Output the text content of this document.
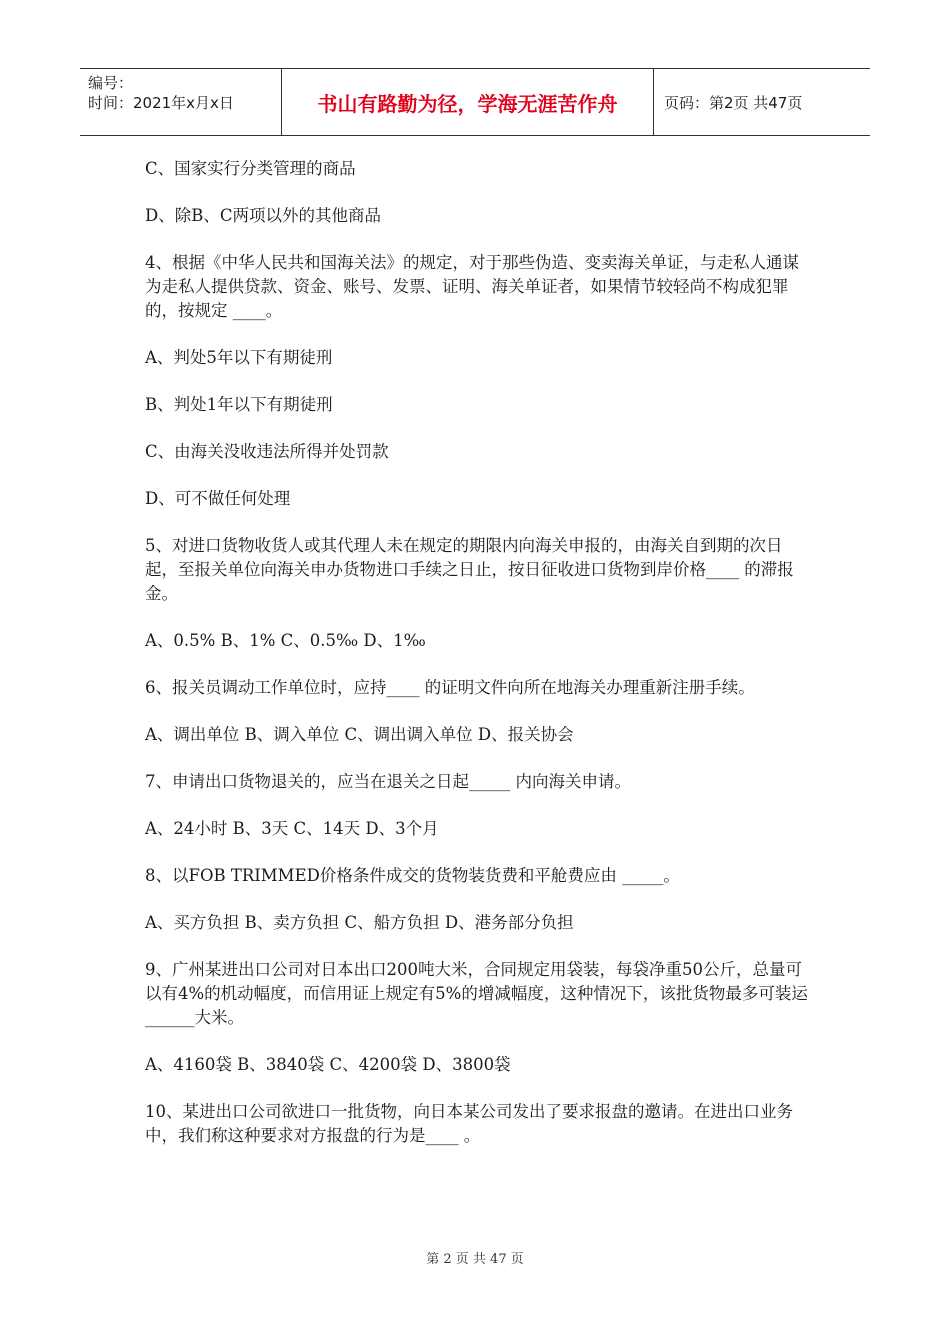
编号：
时间：2021年x月x日	书山有路勤为径，学海无涯苦作舟	页码：第2页 共47页

C、国家实行分类管理的商品

D、除B、C两项以外的其他商品

4、根据《中华人民共和国海关法》的规定，对于那些伪造、变卖海关单证，与走私人通谋为走私人提供贷款、资金、账号、发票、证明、海关单证者，如果情节较轻尚不构成犯罪的，按规定 ____。

A、判处5年以下有期徒刑

B、判处1年以下有期徒刑

C、由海关没收违法所得并处罚款

D、可不做任何处理

5、对进口货物收货人或其代理人未在规定的期限内向海关申报的，由海关自到期的次日起，至报关单位向海关申办货物进口手续之日止，按日征收进口货物到岸价格____ 的滞报金。

A、0.5% B、1% C、0.5‰ D、1‰

6、报关员调动工作单位时，应持____ 的证明文件向所在地海关办理重新注册手续。

A、调出单位 B、调入单位 C、调出调入单位 D、报关协会

7、申请出口货物退关的，应当在退关之日起_____ 内向海关申请。

A、24小时 B、3天 C、14天 D、3个月

8、以FOB TRIMMED价格条件成交的货物装货费和平舱费应由 _____。

A、买方负担 B、卖方负担 C、船方负担 D、港务部分负担

9、广州某进出口公司对日本出口200吨大米，合同规定用袋装，每袋净重50公斤，总量可以有4%的机动幅度，而信用证上规定有5%的增减幅度，这种情况下，该批货物最多可装运______大米。

A、4160袋 B、3840袋 C、4200袋 D、3800袋

10、某进出口公司欲进口一批货物，向日本某公司发出了要求报盘的邀请。在进出口业务中，我们称这种要求对方报盘的行为是____ 。

第 2 页 共 47 页
